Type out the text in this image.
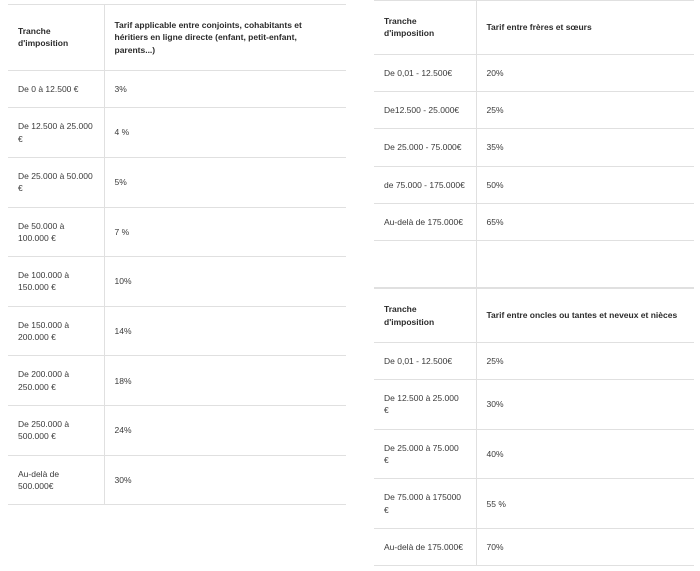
Tranche d'imposition	Tarif applicable entre conjoints, cohabitants et héritiers en ligne directe (enfant, petit-enfant, parents...)
De 0 à 12.500 €	3%
De 12.500 à 25.000 €	4 %
De 25.000 à 50.000 €	5%
De 50.000 à 100.000 €	7 %
De 100.000 à 150.000 €	10%
De 150.000 à 200.000 €	14%
De 200.000 à 250.000 €	18%
De 250.000 à 500.000 €	24%
Au-delà de 500.000€	30%
Tranche d'imposition	Tarif entre frères et sœurs
De 0,01 - 12.500€	20%
De12.500 - 25.000€	25%
De 25.000 - 75.000€	35%
de 75.000 - 175.000€	50%
Au-delà de 175.000€	65%

Tranche d'imposition	Tarif entre oncles ou tantes et neveux et nièces
De 0,01 - 12.500€	25%
De 12.500 à 25.000 €	30%
De 25.000 à 75.000 €	40%
De 75.000 à 175000 €	55 %
Au-delà de 175.000€	70%
